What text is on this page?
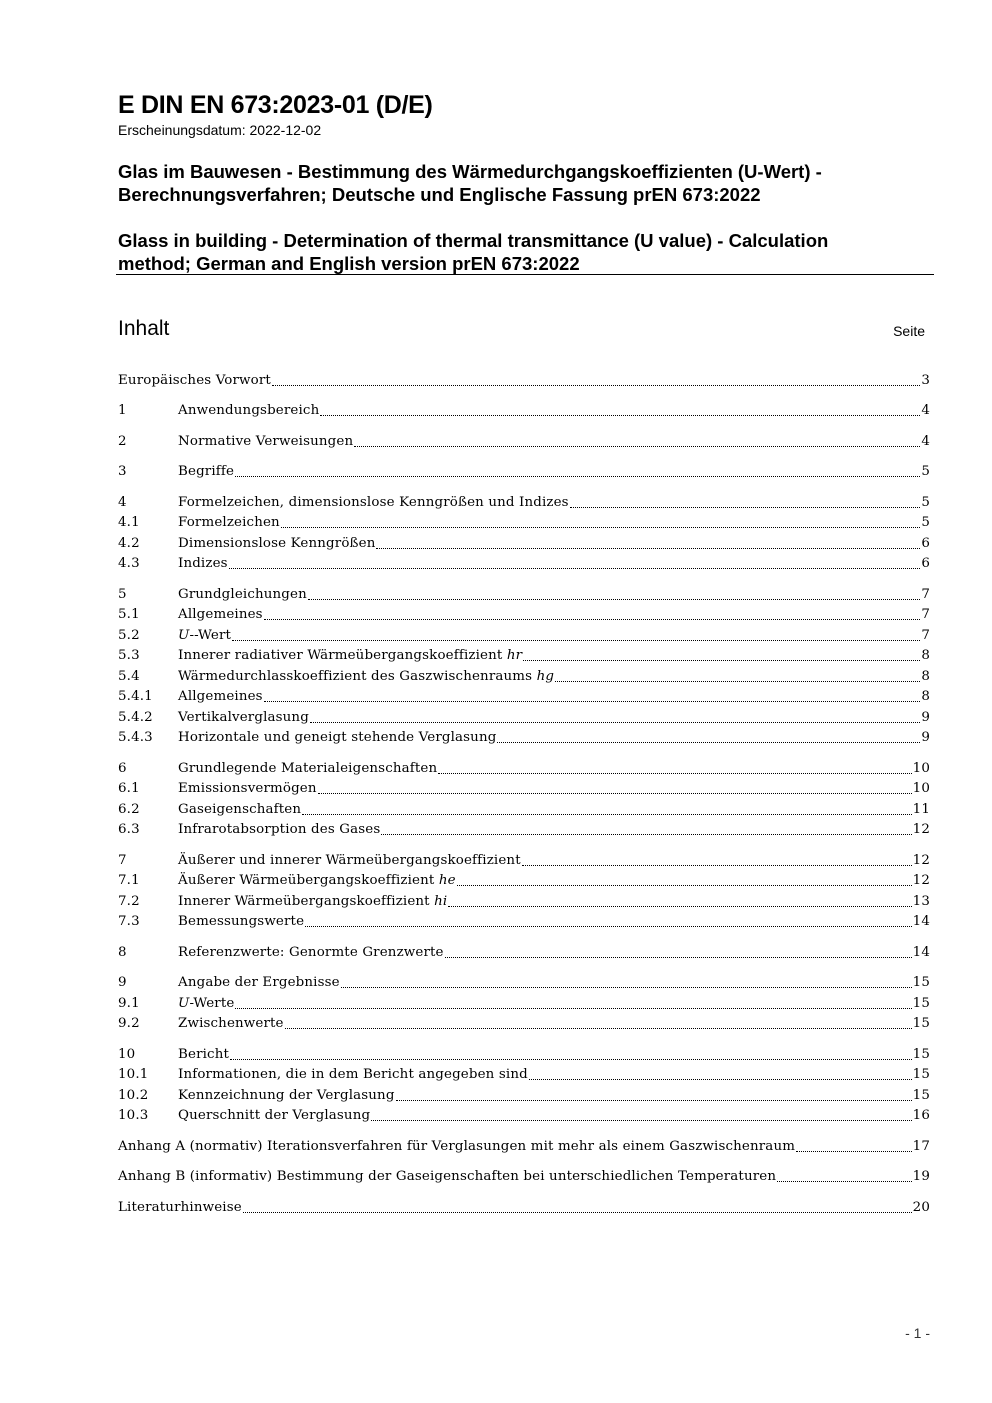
E DIN EN 673:2023-01 (D/E)
Erscheinungsdatum: 2022-12-02
Glas im Bauwesen - Bestimmung des Wärmedurchgangskoeffizienten (U-Wert) -
Berechnungsverfahren; Deutsche und Englische Fassung prEN 673:2022
Glass in building - Determination of thermal transmittance (U value) - Calculation
method; German and English version prEN 673:2022
Inhalt	Seite
Europäisches Vorwort	3
1	Anwendungsbereich	4
2	Normative Verweisungen	4
3	Begriffe	5
4	Formelzeichen, dimensionslose Kenngrößen und Indizes	5
4.1	Formelzeichen	5
4.2	Dimensionslose Kenngrößen	6
4.3	Indizes	6
5	Grundgleichungen	7
5.1	Allgemeines	7
5.2	U--Wert	7
5.3	Innerer radiativer Wärmeübergangskoeffizient hr	8
5.4	Wärmedurchlasskoeffizient des Gaszwischenraums hg	8
5.4.1	Allgemeines	8
5.4.2	Vertikalverglasung	9
5.4.3	Horizontale und geneigt stehende Verglasung	9
6	Grundlegende Materialeigenschaften	10
6.1	Emissionsvermögen	10
6.2	Gaseigenschaften	11
6.3	Infrarotabsorption des Gases	12
7	Äußerer und innerer Wärmeübergangskoeffizient	12
7.1	Äußerer Wärmeübergangskoeffizient he	12
7.2	Innerer Wärmeübergangskoeffizient hi	13
7.3	Bemessungswerte	14
8	Referenzwerte: Genormte Grenzwerte	14
9	Angabe der Ergebnisse	15
9.1	U-Werte	15
9.2	Zwischenwerte	15
10	Bericht	15
10.1	Informationen, die in dem Bericht angegeben sind	15
10.2	Kennzeichnung der Verglasung	15
10.3	Querschnitt der Verglasung	16
Anhang A (normativ) Iterationsverfahren für Verglasungen mit mehr als einem Gaszwischenraum	17
Anhang B (informativ) Bestimmung der Gaseigenschaften bei unterschiedlichen Temperaturen	19
Literaturhinweise	20
- 1 -
